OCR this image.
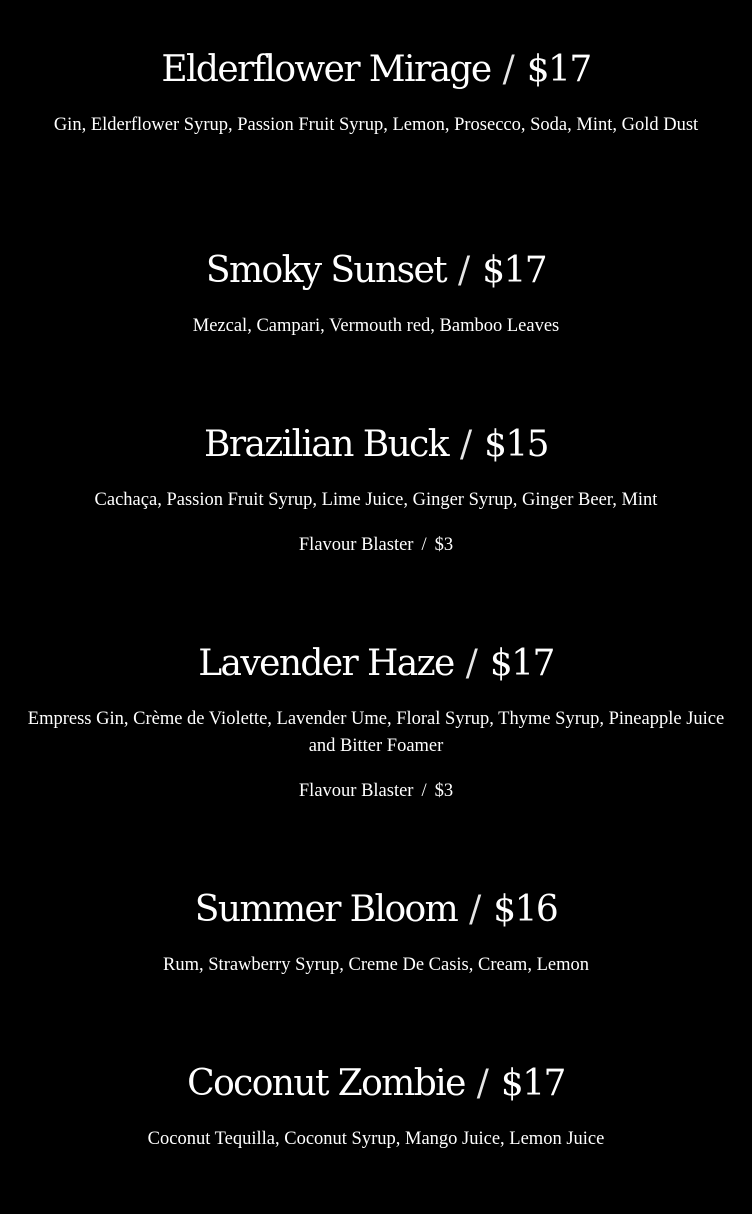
Elderflower Mirage / $17
Gin, Elderflower Syrup, Passion Fruit Syrup, Lemon, Prosecco, Soda, Mint, Gold Dust
Smoky Sunset / $17
Mezcal, Campari, Vermouth red, Bamboo Leaves
Brazilian Buck / $15
Cachaça, Passion Fruit Syrup, Lime Juice, Ginger Syrup, Ginger Beer, Mint
Flavour Blaster / $3
Lavender Haze / $17
Empress Gin, Crème de Violette, Lavender Ume, Floral Syrup, Thyme Syrup, Pineapple Juice and Bitter Foamer
Flavour Blaster / $3
Summer Bloom / $16
Rum, Strawberry Syrup, Creme De Casis, Cream, Lemon
Coconut Zombie / $17
Coconut Tequilla, Coconut Syrup, Mango Juice, Lemon Juice
